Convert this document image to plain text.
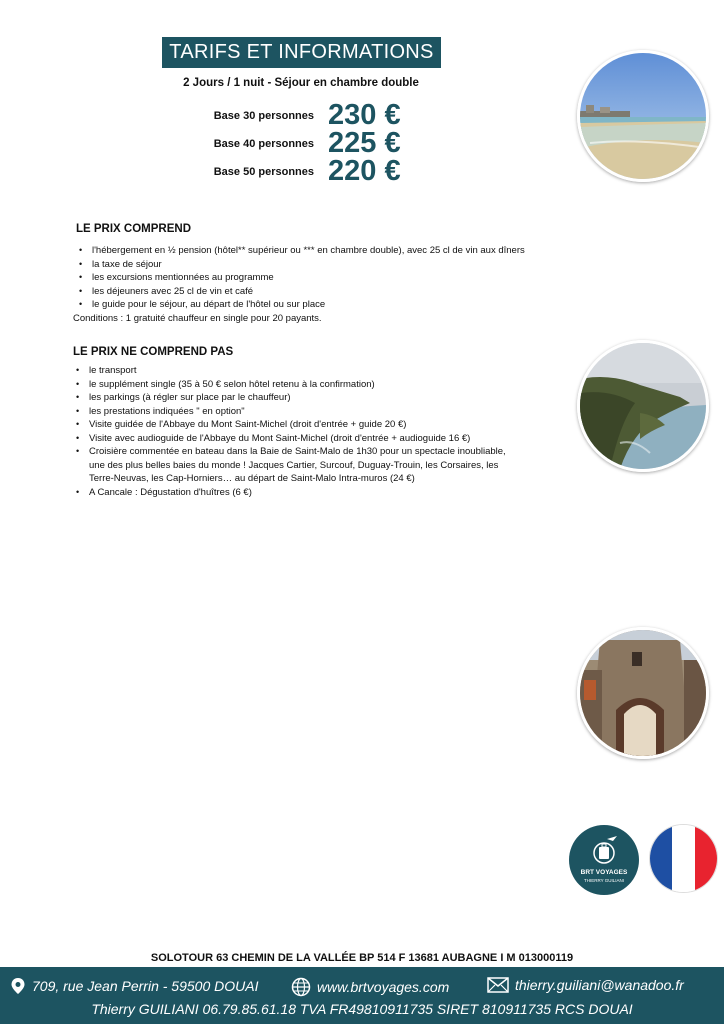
TARIFS ET INFORMATIONS
2 Jours / 1 nuit - Séjour en chambre double
Base 30 personnes 230 €
Base 40 personnes 225 €
Base 50 personnes 220 €
LE PRIX COMPREND
• l'hébergement en ½ pension (hôtel** supérieur ou *** en chambre double), avec 25 cl de vin aux dîners
• la taxe de séjour
• les excursions mentionnées au programme
• les déjeuners avec 25 cl de vin et café
• le guide pour le séjour, au départ de l'hôtel ou sur place
Conditions : 1 gratuité chauffeur en single pour 20 payants.
LE PRIX NE COMPREND PAS
• le transport
• le supplément single (35 à 50 € selon hôtel retenu à la confirmation)
• les parkings (à régler sur place par le chauffeur)
• les prestations indiquées " en option"
• Visite guidée de l'Abbaye du Mont Saint-Michel (droit d'entrée + guide 20 €)
• Visite avec audioguide de l'Abbaye du Mont Saint-Michel (droit d'entrée + audioguide 16 €)
• Croisière commentée en bateau dans la Baie de Saint-Malo de 1h30 pour un spectacle inoubliable, une des plus belles baies du monde ! Jacques Cartier, Surcouf, Duguay-Trouin, les Corsaires, les Terre-Neuvas, les Cap-Horniers… au départ de Saint-Malo Intra-muros (24 €)
• A Cancale : Dégustation d'huîtres (6 €)
BRT VOYAGES
THIERRY GUILIANI
SOLOTOUR 63 CHEMIN DE LA VALLÉE BP 514 F 13681 AUBAGNE I M 013000119
709, rue Jean Perrin - 59500 DOUAI	www.brtvoyages.com	thierry.guiliani@wanadoo.fr
Thierry GUILIANI 06.79.85.61.18 TVA FR49810911735 SIRET 810911735 RCS DOUAI
